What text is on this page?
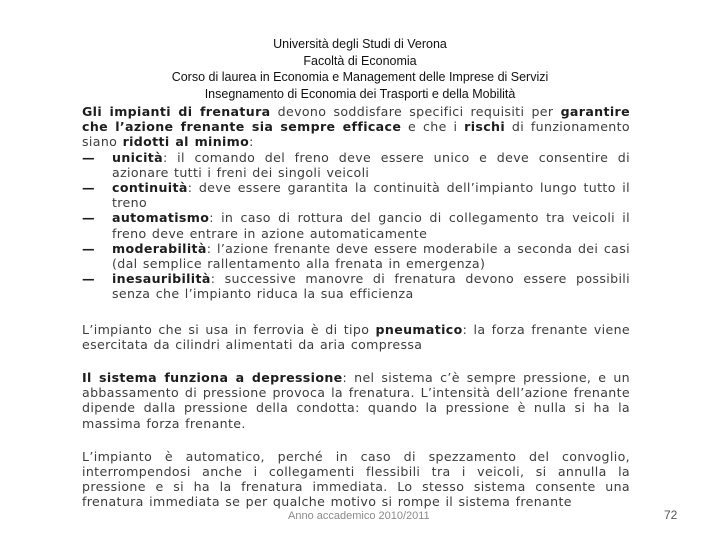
Università degli Studi di Verona
Facoltà di Economia
Corso di laurea in Economia e Management delle Imprese di Servizi
Insegnamento di Economia dei Trasporti e della Mobilità

Gli impianti di frenatura devono soddisfare specifici requisiti per garantire che l’azione frenante sia sempre efficace e che i rischi di funzionamento siano ridotti al minimo:

— unicità: il comando del freno deve essere unico e deve consentire di azionare tutti i freni dei singoli veicoli
— continuità: deve essere garantita la continuità dell’impianto lungo tutto il treno
— automatismo: in caso di rottura del gancio di collegamento tra veicoli il freno deve entrare in azione automaticamente
— moderabilità: l’azione frenante deve essere moderabile a seconda dei casi (dal semplice rallentamento alla frenata in emergenza)
— inesauribilità: successive manovre di frenatura devono essere possibili senza che l’impianto riduca la sua efficienza

L’impianto che si usa in ferrovia è di tipo pneumatico: la forza frenante viene esercitata da cilindri alimentati da aria compressa

Il sistema funziona a depressione: nel sistema c’è sempre pressione, e un abbassamento di pressione provoca la frenatura. L’intensità dell’azione frenante dipende dalla pressione della condotta: quando la pressione è nulla si ha la massima forza frenante.

L’impianto è automatico, perché in caso di spezzamento del convoglio, interrompendosi anche i collegamenti flessibili tra i veicoli, si annulla la pressione e si ha la frenatura immediata. Lo stesso sistema consente una frenatura immediata se per qualche motivo si rompe il sistema frenante

Anno accademico 2010/2011	72
